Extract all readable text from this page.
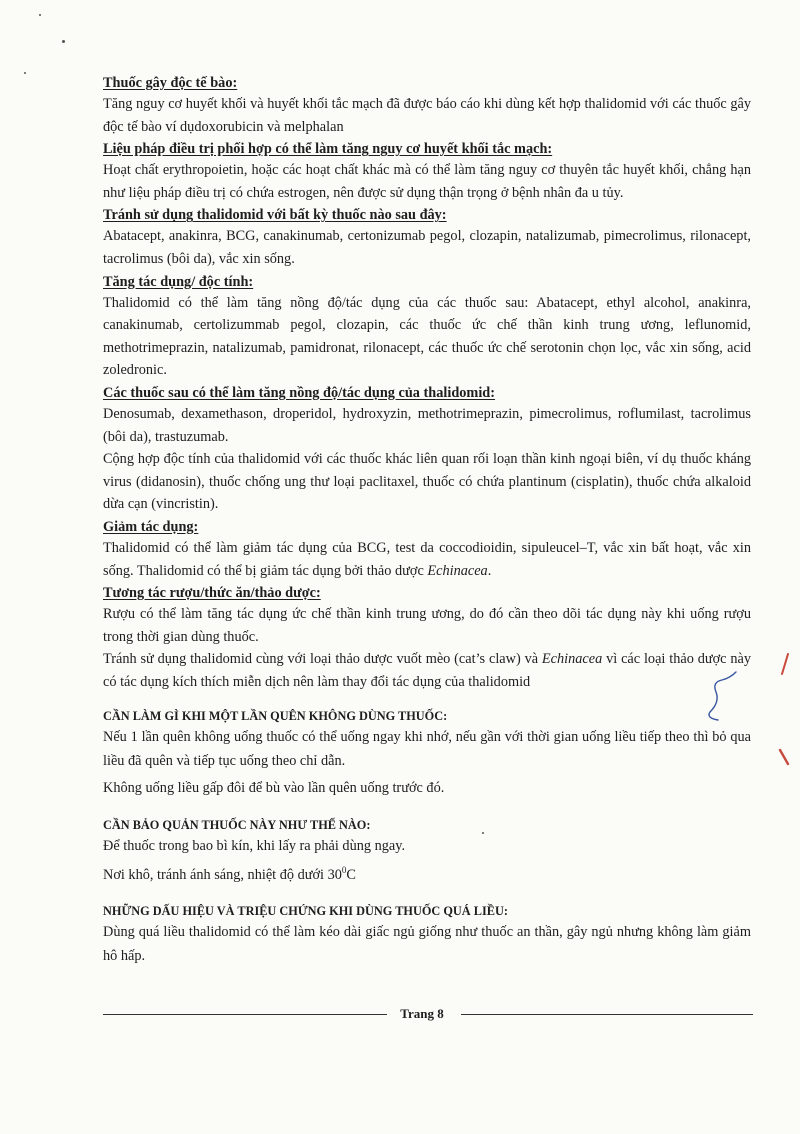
Thuốc gây độc tế bào:

Tăng nguy cơ huyết khối và huyết khối tắc mạch đã được báo cáo khi dùng kết hợp thalidomid với các thuốc gây độc tế bào ví dụdoxorubicin và melphalan

Liệu pháp điều trị phối hợp có thể làm tăng nguy cơ huyết khối tắc mạch:

Hoạt chất erythropoietin, hoặc các hoạt chất khác mà có thể làm tăng nguy cơ thuyên tắc huyết khối, chẳng hạn như liệu pháp điều trị có chứa estrogen, nên được sử dụng thận trọng ở bệnh nhân đa u tủy.

Tránh sử dụng thalidomid với bất kỳ thuốc nào sau đây:

Abatacept, anakinra, BCG, canakinumab, certonizumab pegol, clozapin, natalizumab, pimecrolimus, rilonacept, tacrolimus (bôi da), vắc xin sống.

Tăng tác dụng/ độc tính:

Thalidomid có thể làm tăng nồng độ/tác dụng của các thuốc sau: Abatacept, ethyl alcohol, anakinra, canakinumab, certolizummab pegol, clozapin, các thuốc ức chế thần kinh trung ương, leflunomid, methotrimeprazin, natalizumab, pamidronat, rilonacept, các thuốc ức chế serotonin chọn lọc, vắc xin sống, acid zoledronic.

Các thuốc sau có thể làm tăng nồng độ/tác dụng của thalidomid:

Denosumab, dexamethason, droperidol, hydroxyzin, methotrimeprazin, pimecrolimus, roflumilast, tacrolimus (bôi da), trastuzumab.

Cộng hợp độc tính của thalidomid với các thuốc khác liên quan rối loạn thần kinh ngoại biên, ví dụ thuốc kháng virus (didanosin), thuốc chống ung thư loại paclitaxel, thuốc có chứa plantinum (cisplatin), thuốc chứa alkaloid dừa cạn (vincristin).

Giảm tác dụng:

Thalidomid có thể làm giảm tác dụng của BCG, test da coccodioidin, sipuleucel–T, vắc xin bất hoạt, vắc xin sống. Thalidomid có thể bị giảm tác dụng bởi thảo dược Echinacea.

Tương tác rượu/thức ăn/thảo dược:

Rượu có thể làm tăng tác dụng ức chế thần kinh trung ương, do đó cần theo dõi tác dụng này khi uống rượu trong thời gian dùng thuốc.

Tránh sử dụng thalidomid cùng với loại thảo dược vuốt mèo (cat’s claw) và Echinacea vì các loại thảo dược này có tác dụng kích thích miễn dịch nên làm thay đổi tác dụng của thalidomid

CẦN LÀM GÌ KHI MỘT LẦN QUÊN KHÔNG DÙNG THUỐC:

Nếu 1 lần quên không uống thuốc có thể uống ngay khi nhớ, nếu gần với thời gian uống liều tiếp theo thì bỏ qua liều đã quên và tiếp tục uống theo chỉ dẫn.

Không uống liều gấp đôi để bù vào lần quên uống trước đó.

CẦN BẢO QUẢN THUỐC NÀY NHƯ THẾ NÀO:

Để thuốc trong bao bì kín, khi lấy ra phải dùng ngay.

Nơi khô, tránh ánh sáng, nhiệt độ dưới $30^0C$

NHỮNG DẤU HIỆU VÀ TRIỆU CHỨNG KHI DÙNG THUỐC QUÁ LIỀU:

Dùng quá liều thalidomid có thể làm kéo dài giấc ngủ giống như thuốc an thần, gây ngủ nhưng không làm giảm hô hấp.

Trang 8
